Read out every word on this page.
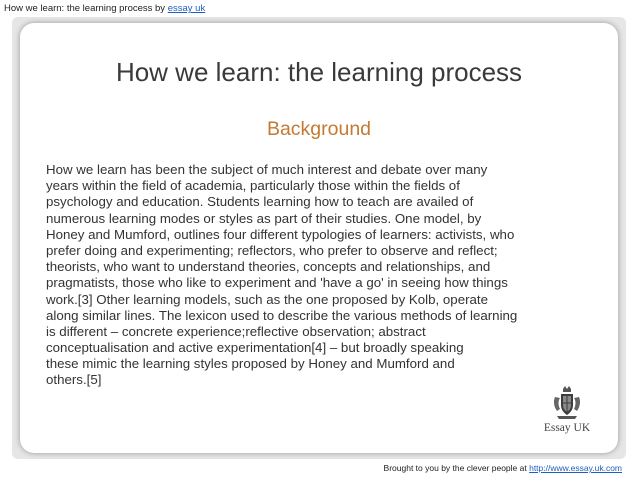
How we learn: the learning process by essay uk
How we learn: the learning process
Background
How we learn has been the subject of much interest and debate over many
years within the field of academia, particularly those within the fields of
psychology and education. Students learning how to teach are availed of
numerous learning modes or styles as part of their studies. One model, by
Honey and Mumford, outlines four different typologies of learners: activists, who
prefer doing and experimenting; reflectors, who prefer to observe and reflect;
theorists, who want to understand theories, concepts and relationships, and
pragmatists, those who like to experiment and 'have a go' in seeing how things
work.[3] Other learning models, such as the one proposed by Kolb, operate
along similar lines. The lexicon used to describe the various methods of learning
is different – concrete experience;reflective observation; abstract
conceptualisation and active experimentation[4] – but broadly speaking
these mimic the learning styles proposed by Honey and Mumford and
others.[5]
Essay UK
Brought to you by the clever people at http://www.essay.uk.com
